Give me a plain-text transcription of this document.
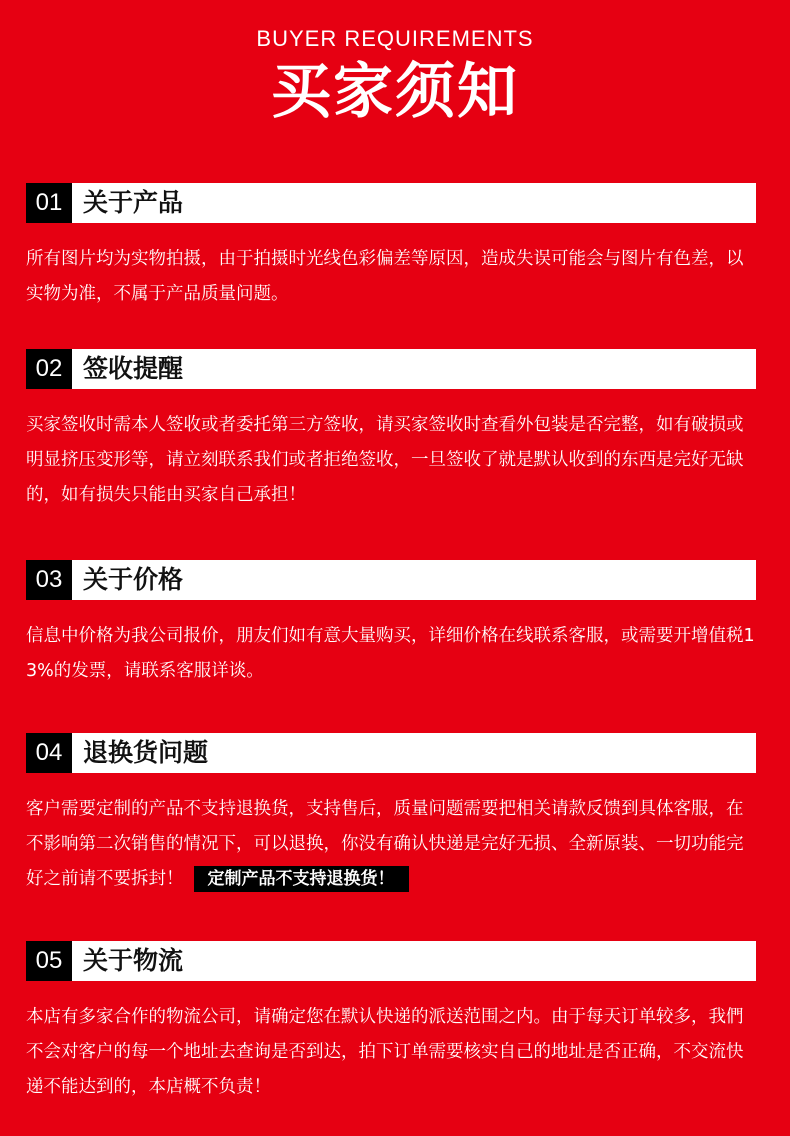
BUYER REQUIREMENTS
买家须知
01 关于产品
所有图片均为实物拍摄，由于拍摄时光线色彩偏差等原因，造成失误可能会与图片有色差，以实物为准，不属于产品质量问题。
02 签收提醒
买家签收时需本人签收或者委托第三方签收，请买家签收时查看外包装是否完整，如有破损或明显挤压变形等，请立刻联系我们或者拒绝签收，一旦签收了就是默认收到的东西是完好无缺的，如有损失只能由买家自己承担！
03 关于价格
信息中价格为我公司报价，朋友们如有意大量购买，详细价格在线联系客服，或需要开增值税13%的发票，请联系客服详谈。
04 退换货问题
客户需要定制的产品不支持退换货，支持售后，质量问题需要把相关请款反馈到具体客服，在不影响第二次销售的情况下，可以退换，你没有确认快递是完好无损、全新原装、一切功能完好之前请不要拆封！ 定制产品不支持退换货！
05 关于物流
本店有多家合作的物流公司，请确定您在默认快递的派送范围之内。由于每天订单较多，我們不会对客户的每一个地址去查询是否到达，拍下订单需要核实自己的地址是否正确，不交流快递不能达到的，本店概不负责！
